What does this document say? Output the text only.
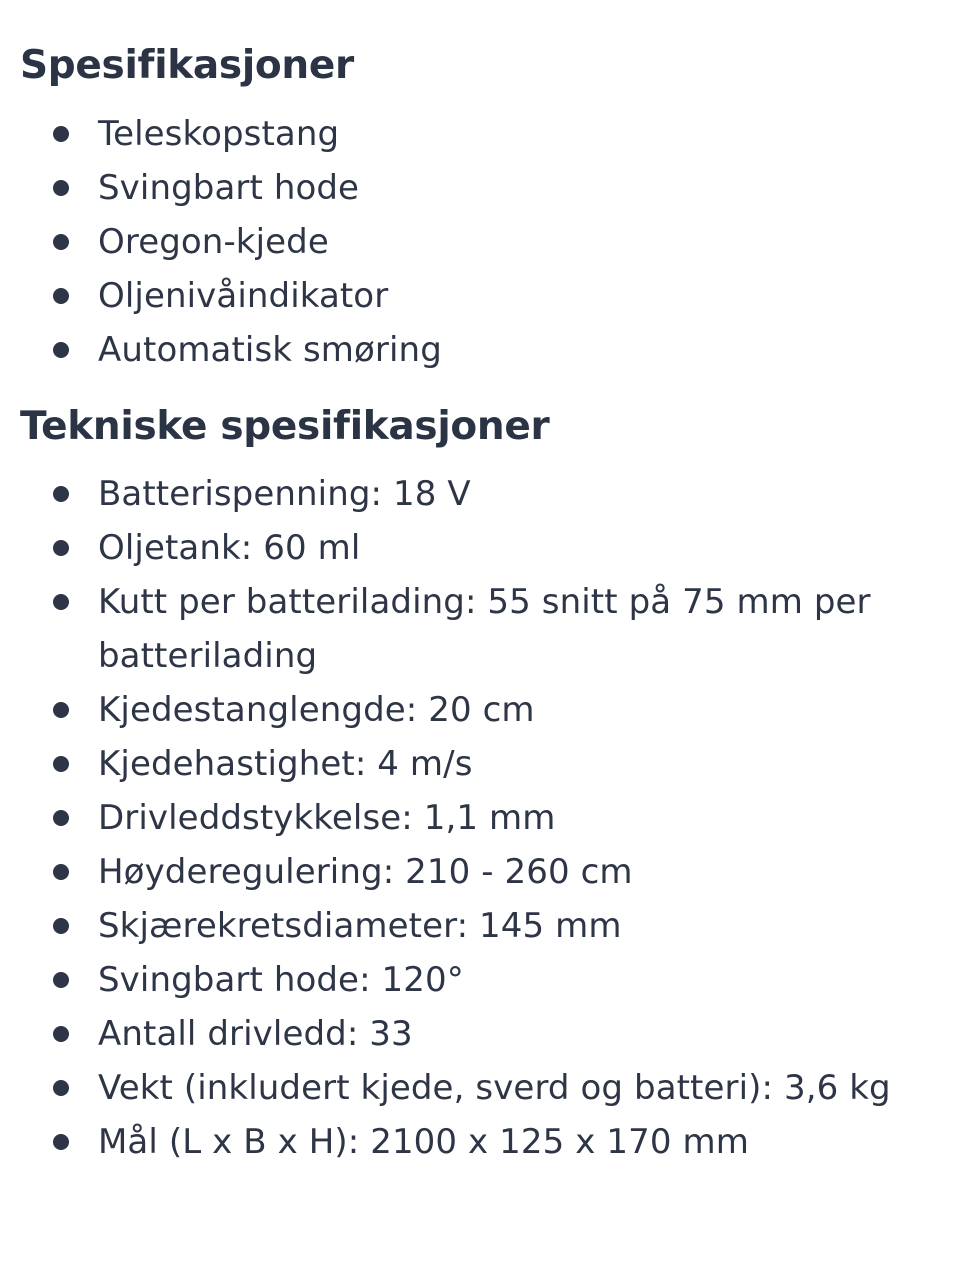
Spesifikasjoner
Teleskopstang
Svingbart hode
Oregon-kjede
Oljenivåindikator
Automatisk smøring
Tekniske spesifikasjoner
Batterispenning: 18 V
Oljetank: 60 ml
Kutt per batterilading: 55 snitt på 75 mm per batterilading
Kjedestanglengde: 20 cm
Kjedehastighet: 4 m/s
Drivleddstykkelse: 1,1 mm
Høyderegulering: 210 - 260 cm
Skjærekretsdiameter: 145 mm
Svingbart hode: 120°
Antall drivledd: 33
Vekt (inkludert kjede, sverd og batteri): 3,6 kg
Mål (L x B x H): 2100 x 125 x 170 mm
